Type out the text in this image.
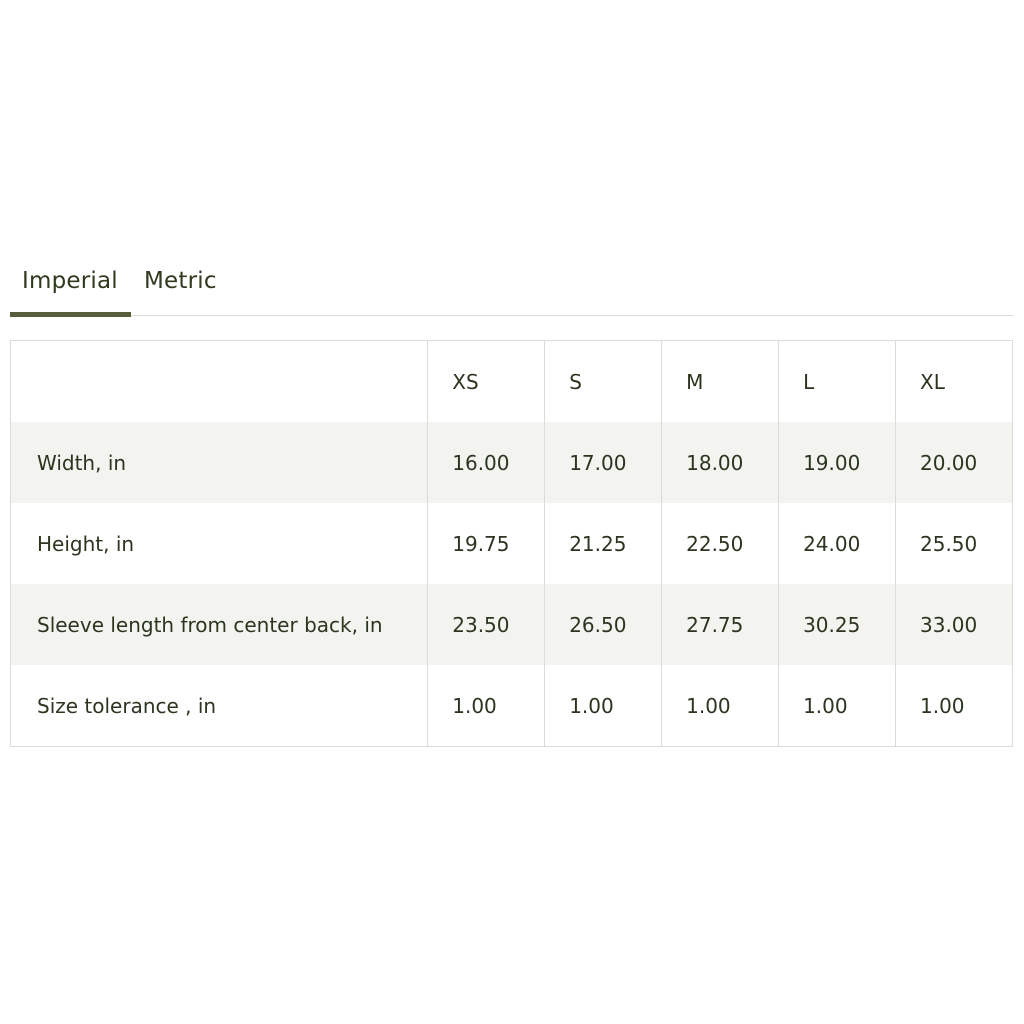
Imperial Metric
	XS	S	M	L	XL
Width, in	16.00	17.00	18.00	19.00	20.00
Height, in	19.75	21.25	22.50	24.00	25.50
Sleeve length from center back, in	23.50	26.50	27.75	30.25	33.00
Size tolerance , in	1.00	1.00	1.00	1.00	1.00
